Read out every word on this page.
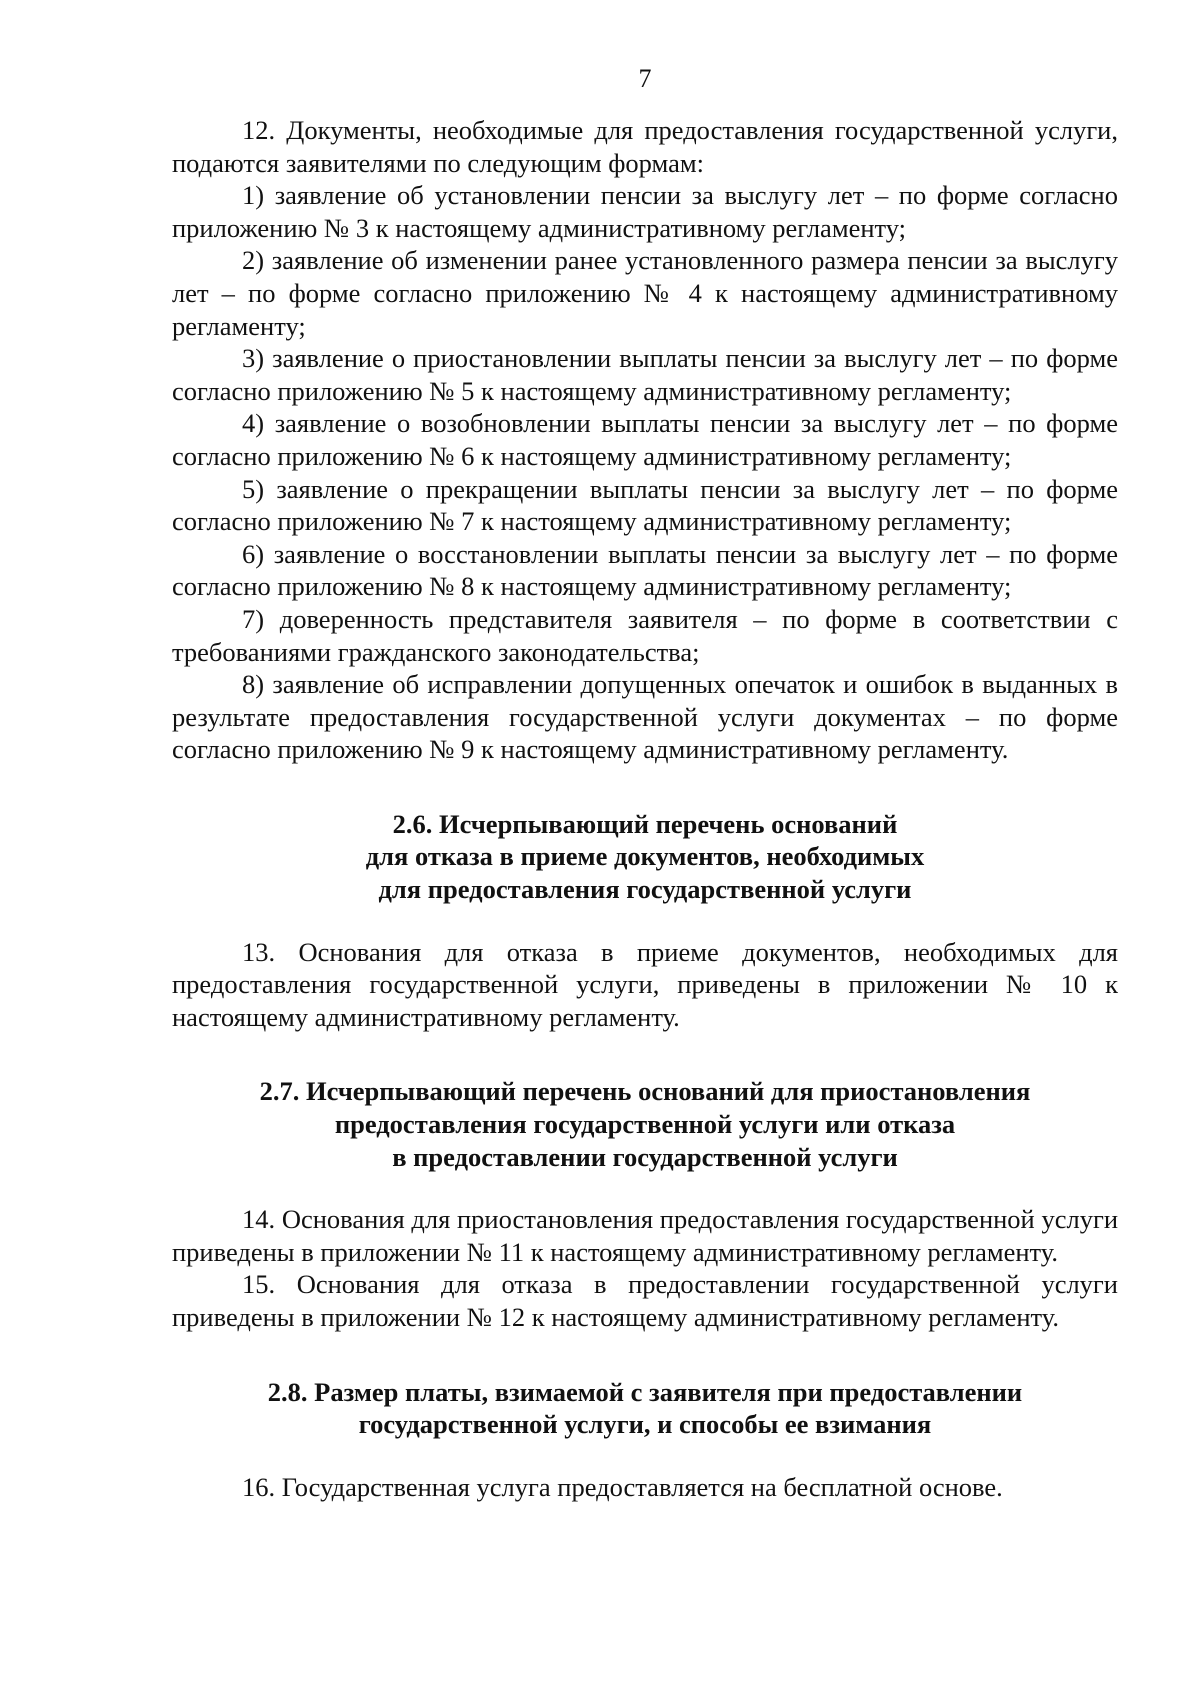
7

12. Документы, необходимые для предоставления государственной услуги, подаются заявителями по следующим формам:

1) заявление об установлении пенсии за выслугу лет – по форме согласно приложению № 3 к настоящему административному регламенту;

2) заявление об изменении ранее установленного размера пенсии за выслугу лет – по форме согласно приложению № 4 к настоящему административному регламенту;

3) заявление о приостановлении выплаты пенсии за выслугу лет – по форме согласно приложению № 5 к настоящему административному регламенту;

4) заявление о возобновлении выплаты пенсии за выслугу лет – по форме согласно приложению № 6 к настоящему административному регламенту;

5) заявление о прекращении выплаты пенсии за выслугу лет – по форме согласно приложению № 7 к настоящему административному регламенту;

6) заявление о восстановлении выплаты пенсии за выслугу лет – по форме согласно приложению № 8 к настоящему административному регламенту;

7) доверенность представителя заявителя – по форме в соответствии с требованиями гражданского законодательства;

8) заявление об исправлении допущенных опечаток и ошибок в выданных в результате предоставления государственной услуги документах – по форме согласно приложению № 9 к настоящему административному регламенту.

2.6. Исчерпывающий перечень оснований
для отказа в приеме документов, необходимых
для предоставления государственной услуги

13. Основания для отказа в приеме документов, необходимых для предоставления государственной услуги, приведены в приложении № 10 к настоящему административному регламенту.

2.7. Исчерпывающий перечень оснований для приостановления
предоставления государственной услуги или отказа
в предоставлении государственной услуги

14. Основания для приостановления предоставления государственной услуги приведены в приложении № 11 к настоящему административному регламенту.

15. Основания для отказа в предоставлении государственной услуги приведены в приложении № 12 к настоящему административному регламенту.

2.8. Размер платы, взимаемой с заявителя при предоставлении
государственной услуги, и способы ее взимания

16. Государственная услуга предоставляется на бесплатной основе.
